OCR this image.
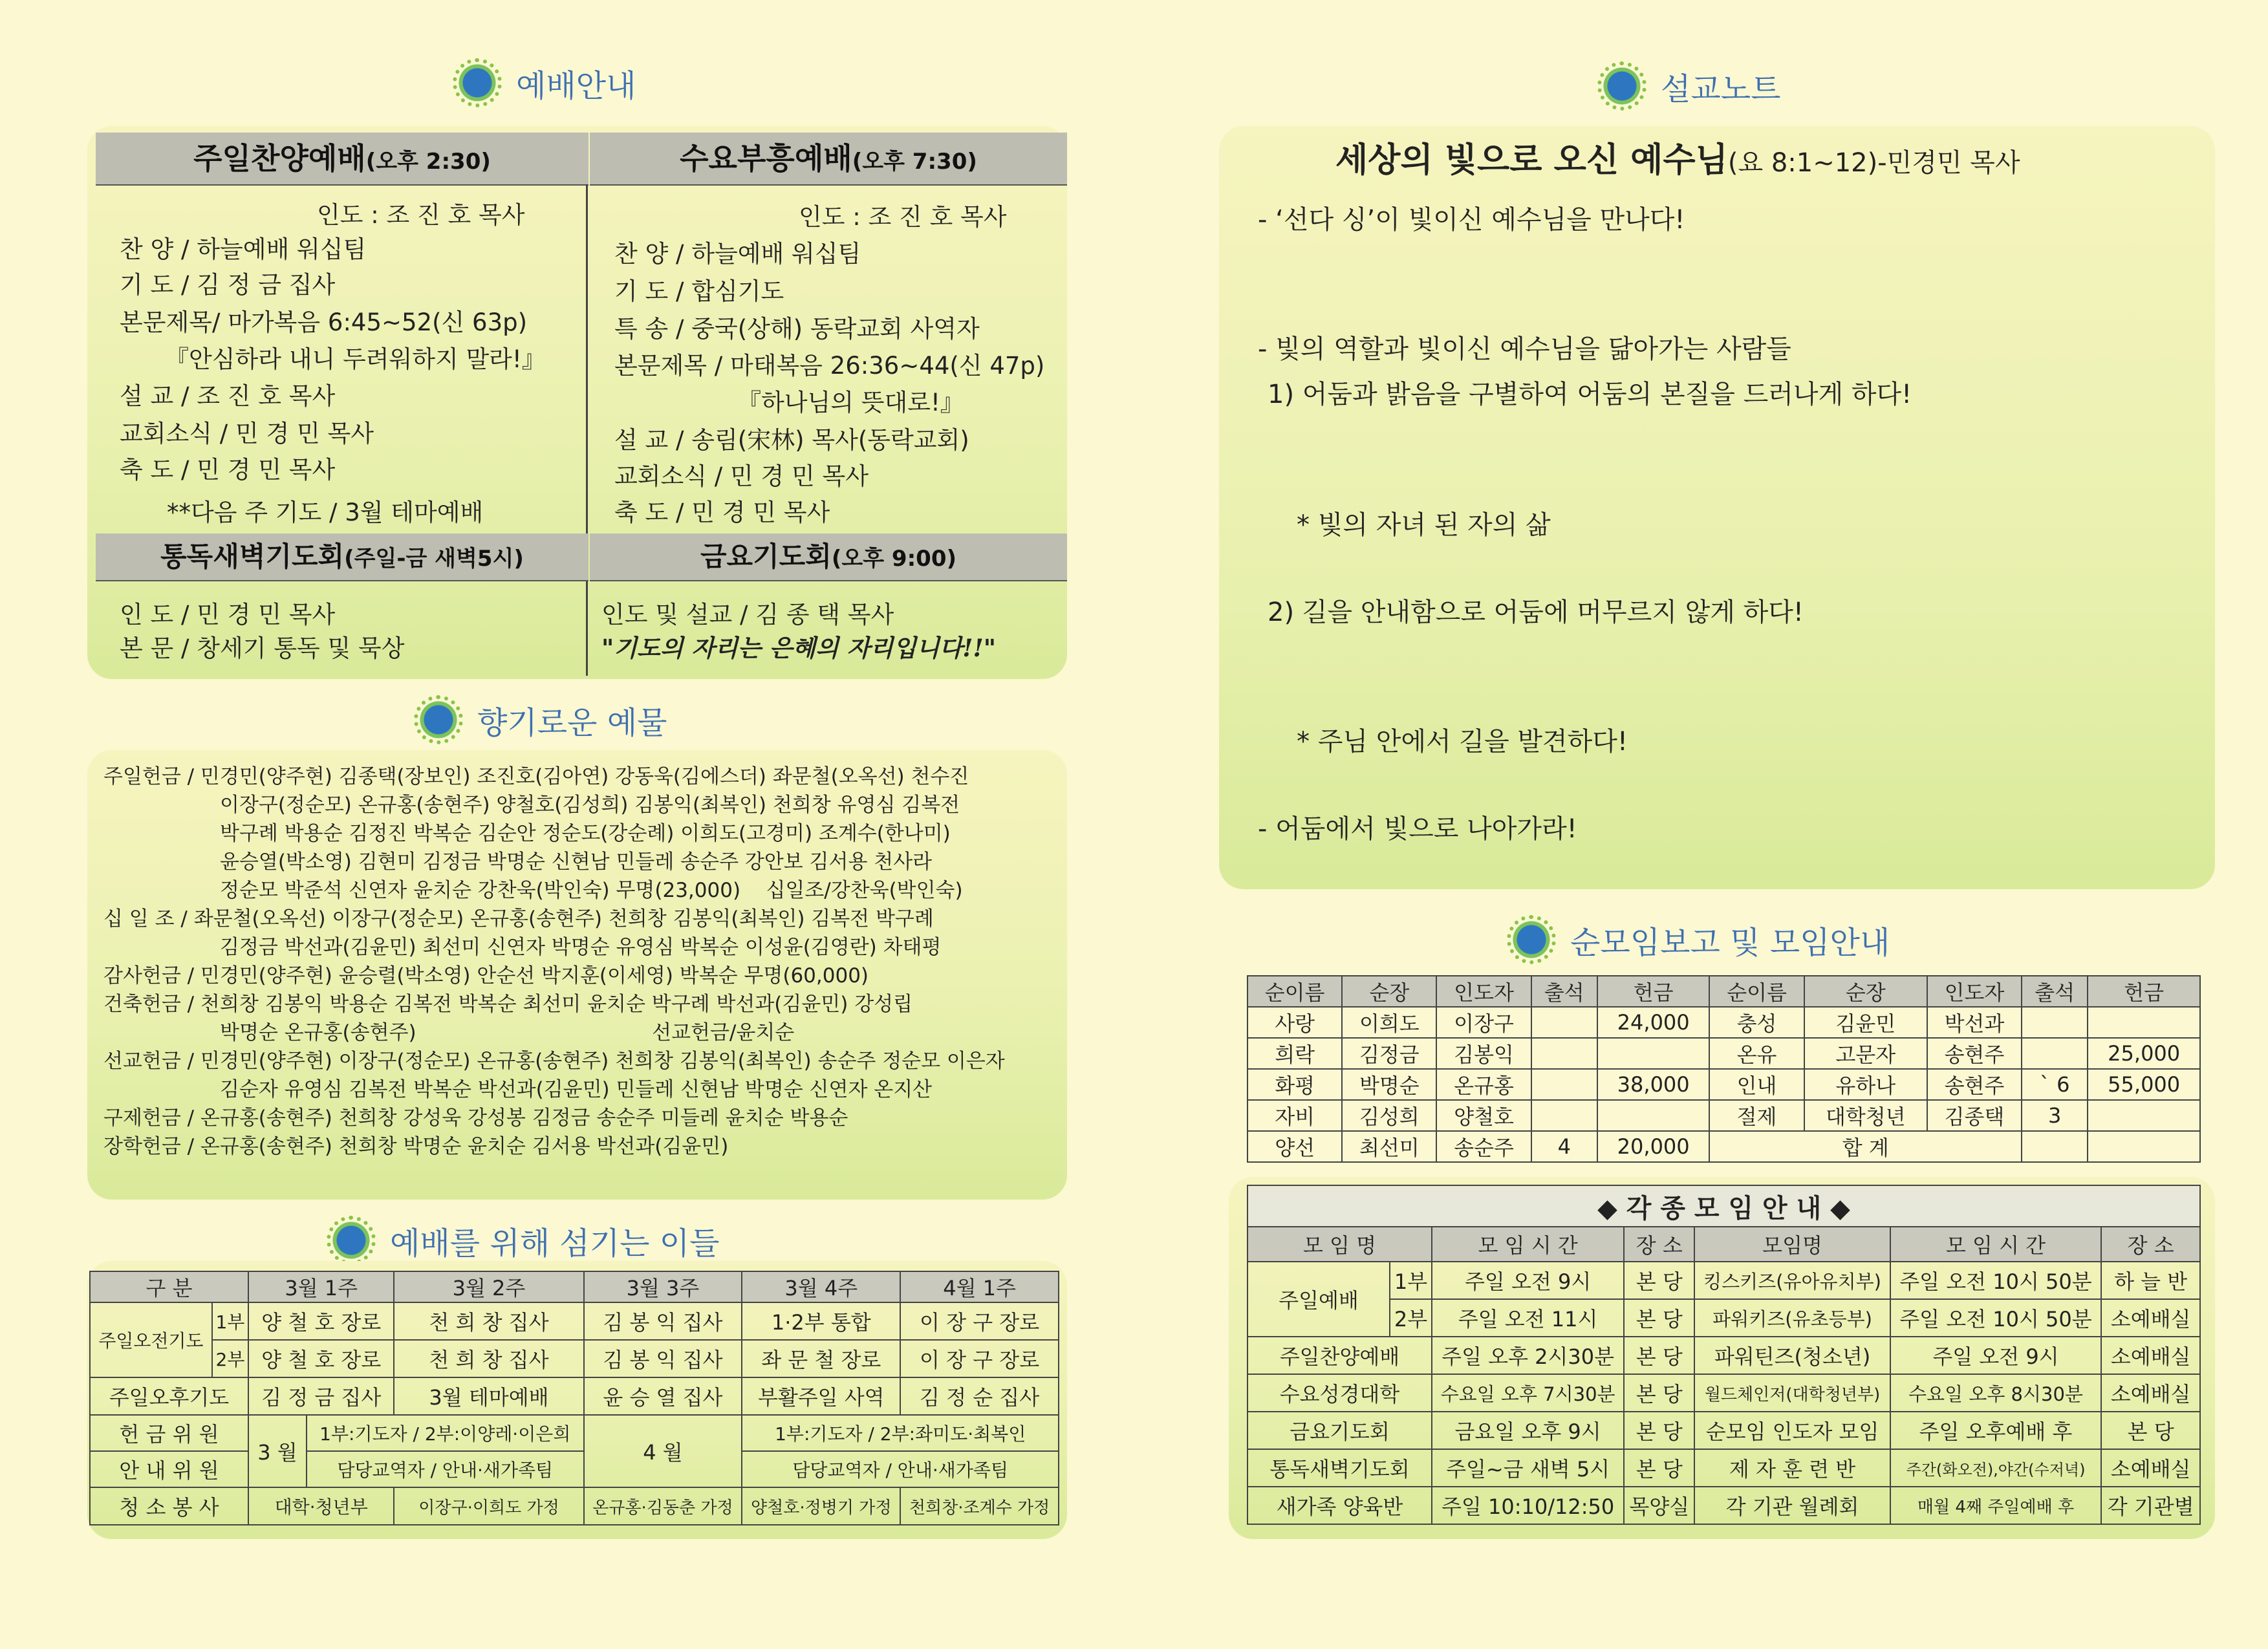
예배안내
주일찬양예배(오후 2:30)	수요부흥예배(오후 7:30)
인도 : 조 진 호 목사
찬 양 / 하늘예배 워십팀
기 도 / 김 정 금 집사
본문제목/ 마가복음 6:45~52(신 63p)
『안심하라 내니 두려워하지 말라!』
설 교 / 조 진 호 목사
교회소식 / 민 경 민 목사
축 도 / 민 경 민 목사
**다음 주 기도 / 3월 테마예배
인도 : 조 진 호 목사
찬 양 / 하늘예배 워십팀
기 도 / 합심기도
특 송 / 중국(상해) 동락교회 사역자
본문제목 / 마태복음 26:36~44(신 47p)
『하나님의 뜻대로!』
설 교 / 송림(宋林) 목사(동락교회)
교회소식 / 민 경 민 목사
축 도 / 민 경 민 목사
통독새벽기도회(주일-금 새벽5시)	금요기도회(오후 9:00)
인 도 / 민 경 민 목사
본 문 / 창세기 통독 및 묵상
인도 및 설교 / 김 종 택 목사
"기도의 자리는 은혜의 자리입니다!!"
향기로운 예물
주일헌금 / 민경민(양주현) 김종택(장보인) 조진호(김아연) 강동욱(김에스더) 좌문철(오옥선) 천수진
이장구(정순모) 온규홍(송현주) 양철호(김성희) 김봉익(최복인) 천희창 유영심 김복전
박구례 박용순 김정진 박복순 김순안 정순도(강순례) 이희도(고경미) 조계수(한나미)
윤승열(박소영) 김현미 김정금 박명순 신현남 민들레 송순주 강안보 김서용 천사라
정순모 박준석 신연자 윤치순 강찬욱(박인숙) 무명(23,000)    십일조/강찬욱(박인숙)
십 일 조 / 좌문철(오옥선) 이장구(정순모) 온규홍(송현주) 천희창 김봉익(최복인) 김복전 박구례
김정금 박선과(김윤민) 최선미 신연자 박명순 유영심 박복순 이성윤(김영란) 차태평
감사헌금 / 민경민(양주현) 윤승렬(박소영) 안순선 박지훈(이세영) 박복순 무명(60,000)
건축헌금 / 천희창 김봉익 박용순 김복전 박복순 최선미 윤치순 박구례 박선과(김윤민) 강성립
박명순 온규홍(송현주)                                     선교헌금/윤치순
선교헌금 / 민경민(양주현) 이장구(정순모) 온규홍(송현주) 천희창 김봉익(최복인) 송순주 정순모 이은자
김순자 유영심 김복전 박복순 박선과(김윤민) 민들레 신현남 박명순 신연자 온지산
구제헌금 / 온규홍(송현주) 천희창 강성욱 강성봉 김정금 송순주 미들레 윤치순 박용순
장학헌금 / 온규홍(송현주) 천희창 박명순 윤치순 김서용 박선과(김윤민)
예배를 위해 섬기는 이들
구 분		3월 1주		3월 2주	3월 3주	3월 4주	4월 1주
주일오전기도	1부	양 철 호 장로		천 희 창 집사	김 봉 익 집사	1·2부 통합	이 장 구 장로
	2부	양 철 호 장로		천 희 창 집사	김 봉 익 집사	좌 문 철 장로	이 장 구 장로
주일오후기도		김 정 금 집사		3월 테마예배	윤 승 열 집사	부활주일 사역	김 정 순 집사
헌 금 위 원		3 월	1부:기도자 / 2부:이양레·이은희		4 월	1부:기도자 / 2부:좌미도·최복인	
안 내 위 원			담당교역자 / 안내·새가족팀			담당교역자 / 안내·새가족팀	
청 소 봉 사		대학·청년부		이장구·이희도 가정	온규홍·김동춘 가정	양철호·정병기 가정	천희창·조계수 가정
설교노트
세상의 빛으로 오신 예수님(요 8:1~12)-민경민 목사
- ‘선다 싱’이 빛이신 예수님을 만나다!
- 빛의 역할과 빛이신 예수님을 닮아가는 사람들
1) 어둠과 밝음을 구별하여 어둠의 본질을 드러나게 하다!
* 빛의 자녀 된 자의 삶
2) 길을 안내함으로 어둠에 머무르지 않게 하다!
* 주님 안에서 길을 발견하다!
- 어둠에서 빛으로 나아가라!
순모임보고 및 모임안내
순이름	순장	인도자	출석	헌금	순이름	순장	인도자	출석	헌금
사랑	이희도	이장구		24,000	충성	김윤민	박선과		
희락	김정금	김봉익			온유	고문자	송현주		25,000
화평	박명순	온규홍		38,000	인내	유하나	송현주	` 6	55,000
자비	김성희	양철호			절제	대학청년	김종택	3	
양선	최선미	송순주	4	20,000	합 계				
◆ 각 종 모 임 안 내 ◆						
모 임 명		모 임 시 간	장 소	모임명	모 임 시 간	장 소
주일예배	1부	주일 오전 9시	본 당	킹스키즈(유아유치부)	주일 오전 10시 50분	하 늘 반
	2부	주일 오전 11시	본 당	파워키즈(유초등부)	주일 오전 10시 50분	소예배실
주일찬양예배		주일 오후 2시30분	본 당	파워틴즈(청소년)	주일 오전 9시	소예배실
수요성경대학		수요일 오후 7시30분	본 당	월드체인저(대학청년부)	수요일 오후 8시30분	소예배실
금요기도회		금요일 오후 9시	본 당	순모임 인도자 모임	주일 오후예배 후	본 당
통독새벽기도회		주일~금 새벽 5시	본 당	제 자 훈 련 반	주간(화오전),야간(수저녁)	소예배실
새가족 양육반		주일 10:10/12:50	목양실	각 기관 월례회	매월 4째 주일예배 후	각 기관별
